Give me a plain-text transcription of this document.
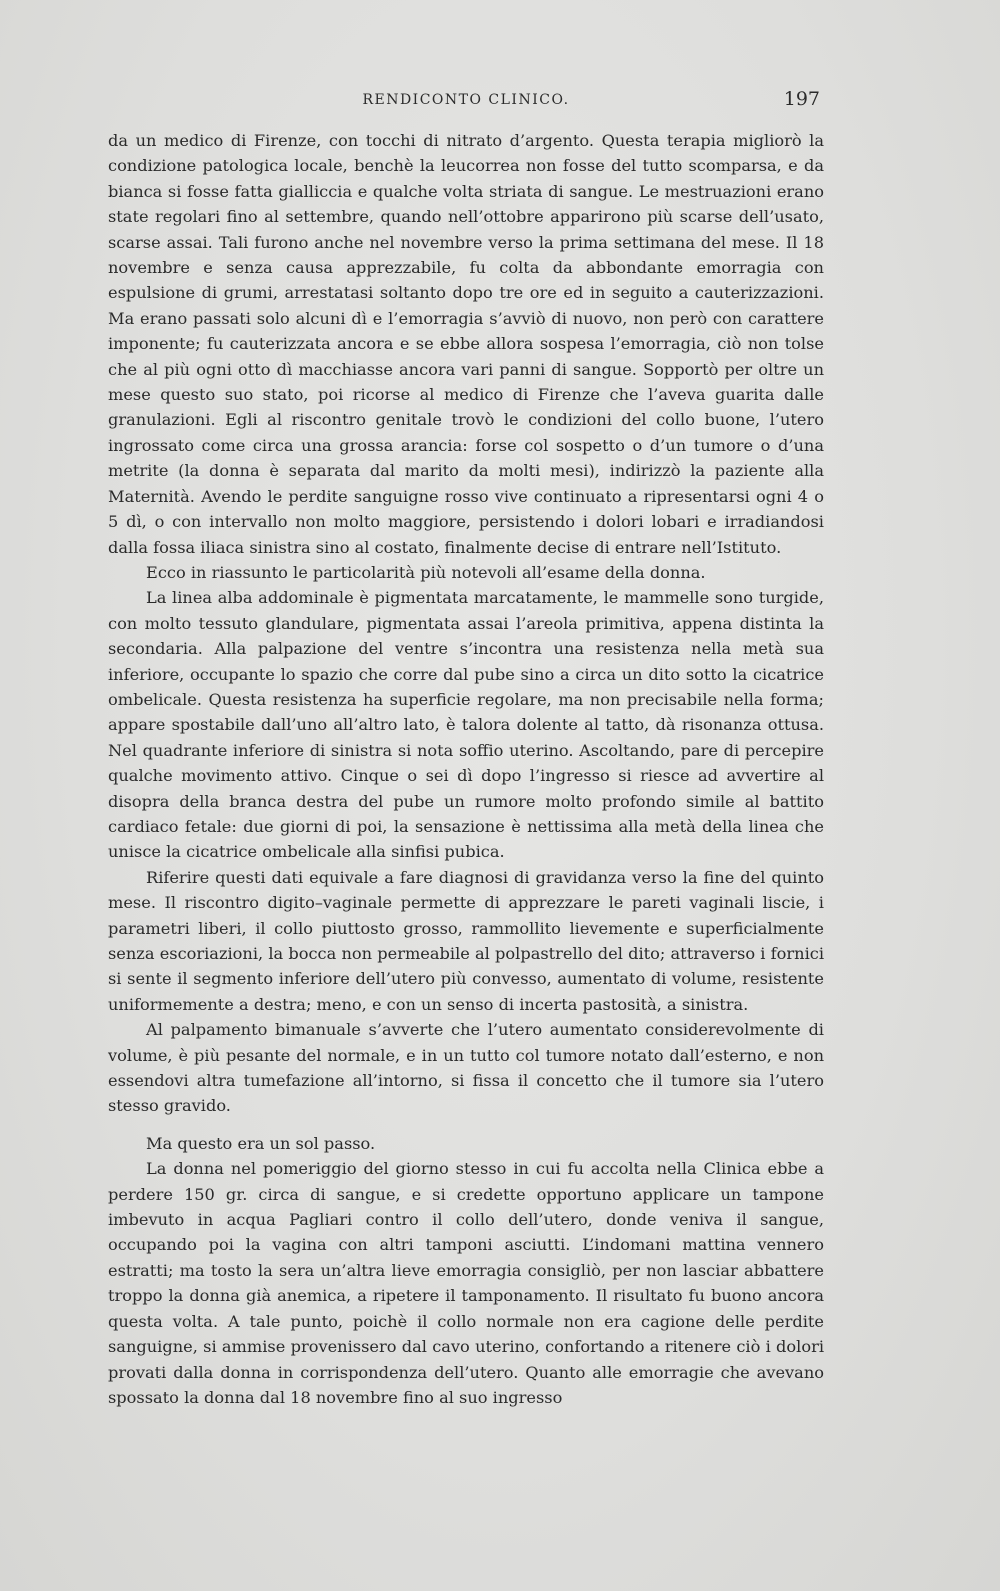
RENDICONTO CLINICO.	197

da un medico di Firenze, con tocchi di nitrato d’argento. Questa terapia migliorò la condizione patologica locale, benchè la leucorrea non fosse del tutto scomparsa, e da bianca si fosse fatta gialliccia e qualche volta striata di sangue. Le mestruazioni erano state regolari fino al settembre, quando nell’ottobre apparirono più scarse dell’usato, scarse assai. Tali furono anche nel novembre verso la prima settimana del mese. Il 18 novembre e senza causa apprezzabile, fu colta da abbondante emorragia con espulsione di grumi, arrestatasi soltanto dopo tre ore ed in seguito a cauterizzazioni. Ma erano passati solo alcuni dì e l’emorragia s’avviò di nuovo, non però con carattere imponente; fu cauterizzata ancora e se ebbe allora sospesa l’emorragia, ciò non tolse che al più ogni otto dì macchiasse ancora vari panni di sangue. Sopportò per oltre un mese questo suo stato, poi ricorse al medico di Firenze che l’aveva guarita dalle granulazioni. Egli al riscontro genitale trovò le condizioni del collo buone, l’utero ingrossato come circa una grossa arancia: forse col sospetto o d’un tumore o d’una metrite (la donna è separata dal marito da molti mesi), indirizzò la paziente alla Maternità. Avendo le perdite sanguigne rosso vive continuato a ripresentarsi ogni 4 o 5 dì, o con intervallo non molto maggiore, persistendo i dolori lobari e irradiandosi dalla fossa iliaca sinistra sino al costato, finalmente decise di entrare nell’Istituto.

Ecco in riassunto le particolarità più notevoli all’esame della donna.

La linea alba addominale è pigmentata marcatamente, le mammelle sono turgide, con molto tessuto glandulare, pigmentata assai l’areola primitiva, appena distinta la secondaria. Alla palpazione del ventre s’incontra una resistenza nella metà sua inferiore, occupante lo spazio che corre dal pube sino a circa un dito sotto la cicatrice ombelicale. Questa resistenza ha superficie regolare, ma non precisabile nella forma; appare spostabile dall’uno all’altro lato, è talora dolente al tatto, dà risonanza ottusa. Nel quadrante inferiore di sinistra si nota soffio uterino. Ascoltando, pare di percepire qualche movimento attivo. Cinque o sei dì dopo l’ingresso si riesce ad avvertire al disopra della branca destra del pube un rumore molto profondo simile al battito cardiaco fetale: due giorni di poi, la sensazione è nettissima alla metà della linea che unisce la cicatrice ombelicale alla sinfisi pubica.

Riferire questi dati equivale a fare diagnosi di gravidanza verso la fine del quinto mese. Il riscontro digito–vaginale permette di apprezzare le pareti vaginali liscie, i parametri liberi, il collo piuttosto grosso, rammollito lievemente e superficialmente senza escoriazioni, la bocca non permeabile al polpastrello del dito; attraverso i fornici si sente il segmento inferiore dell’utero più convesso, aumentato di volume, resistente uniformemente a destra; meno, e con un senso di incerta pastosità, a sinistra.

Al palpamento bimanuale s’avverte che l’utero aumentato considerevolmente di volume, è più pesante del normale, e in un tutto col tumore notato dall’esterno, e non essendovi altra tumefazione all’intorno, si fissa il concetto che il tumore sia l’utero stesso gravido.

Ma questo era un sol passo.

La donna nel pomeriggio del giorno stesso in cui fu accolta nella Clinica ebbe a perdere 150 gr. circa di sangue, e si credette opportuno applicare un tampone imbevuto in acqua Pagliari contro il collo dell’utero, donde veniva il sangue, occupando poi la vagina con altri tamponi asciutti. L’indomani mattina vennero estratti; ma tosto la sera un’altra lieve emorragia consigliò, per non lasciar abbattere troppo la donna già anemica, a ripetere il tamponamento. Il risultato fu buono ancora questa volta. A tale punto, poichè il collo normale non era cagione delle perdite sanguigne, si ammise provenissero dal cavo uterino, confortando a ritenere ciò i dolori provati dalla donna in corrispondenza dell’utero. Quanto alle emorragie che avevano spossato la donna dal 18 novembre fino al suo ingresso
